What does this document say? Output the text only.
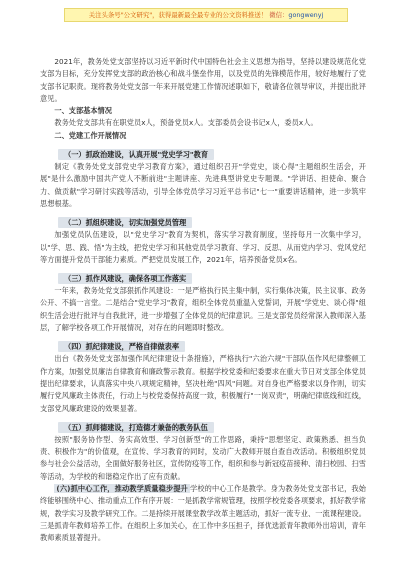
关注头条号"公文研究"，获得最新最全最专业的公文资料推送！ 微信：gongwenyj

2021年，教务处党支部坚持以习近平新时代中国特色社会主义思想为指导，坚持以建设规范化党支部为目标，充分发挥党支部的政治核心和战斗堡垒作用，以及党员的先锋模范作用，较好地履行了党支部书记职责。现将教务处党支部一年来开展党建工作情况述职如下，敬请各位领导审议，并提出批评意见。

一、支部基本情况

教务处党支部共有在职党员x人，预备党员x人。支部委员会设书记x人，委员x人。

二、党建工作开展情况

（一）抓政治建设，认真开展"党史学习"教育

制定《教务处党支部党史学习教育方案》，通过组织召开"学党史，谈心得"主题组织生活会，开展"是什么激励中国共产党人不断前进"主题讲座、先进典型讲党史专题课。"学讲话、担使命、聚合力、做贡献"学习研讨实践等活动，引导全体党员学习习近平总书记"七一"重要讲话精神，进一步筑牢思想根基。

（二）抓组织建设，切实加强党员管理

加强党员队伍建设，以"党史学习"教育为契机，落实学习教育制度，坚持每月一次集中学习，以"学、思、践、悟"为主线，把党史学习和其他党员学习教育、学习、反思、从而党内学习、党风党纪等方面提升党员干部能力素质。严把党员发展工作，2021年，培养预备党员x名。

（三）抓作风建设，确保各项工作落实

一年来，教务处党支部狠抓作风建设：一是严格执行民主集中制，实行集体决策，民主议事、政务公开、不搞一言堂。二是结合"党史学习"教育，组织全体党员重温入党誓词，开展"学党史、谈心得"组织生活会进行批评与自我批评，进一步增强了全体党员的纪律意识。三是支部党员经常深入教师深入基层，了解学校各项工作开展情况，对存在的问题即时整改。

（四）抓纪律建设，严格自律做表率

出台《教务处党支部加强作风纪律建设十条措施》，严格执行"六治六规"干部队伍作风纪律整顿工作方案，加强党员廉洁自律教育和廉政警示教育。根据学校党委和纪委要求在重大节日对支部全体党员提出纪律要求，认真落实中央八项规定精神，坚决杜绝"四风"问题。对自身也严格要求以身作则，切实履行党风廉政主体责任，行动上与校党委保持高度一致，积极履行"一岗双责"，明确纪律底线和红线，支部党风廉政建设的效果显著。

（五）抓师德建设，打造德才兼备的教务队伍

按照"服务协作型、务实高效型、学习创新型"的工作思路，秉持"思想坚定、政策熟悉、担当负责、积极作为"的价值观，在宣传、学习教育的同时，发动广大教师开展自查自改活动。积极组织党员参与社会公益活动，全面做好服务社区，宣传防疫等工作，组织和参与新冠疫苗接种、清扫校园、扫雪等活动，为学校的和谐稳定作出了应有贡献。

(六)抓中心工作，推动教学质量稳步提升 学校的中心工作是教学。身为教务处党支部书记，我始终能够围绕中心、推动重点工作有序开展：一是抓教学常规管理，按照学校党委各项要求，抓好教学常规，教学实习及教学研究工作。二是持续开展课堂教学改革主题活动，抓好一流专业、一流课程建设。三是抓青年教师培养工作。在组织上多加关心，在工作中多压担子，择优选派青年教师外出培训，青年教师素质显著提升。
